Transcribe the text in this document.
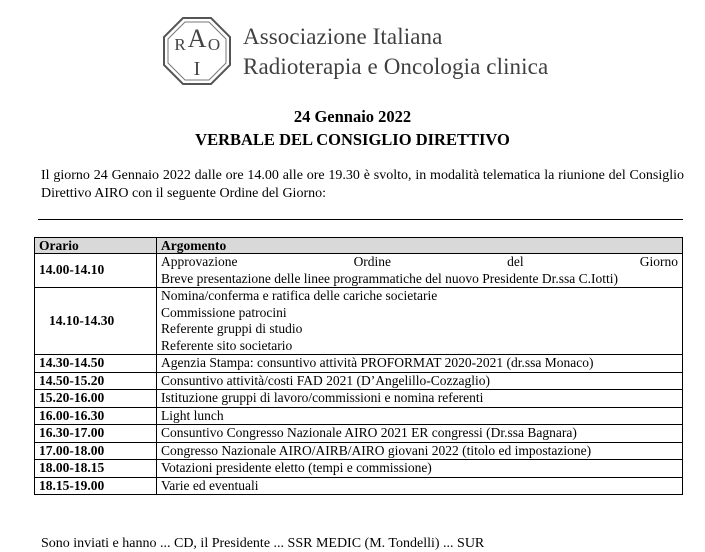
R A O
I
Associazione Italiana
Radioterapia e Oncologia clinica
24 Gennaio 2022
VERBALE DEL CONSIGLIO DIRETTIVO
Il giorno 24 Gennaio 2022 dalle ore 14.00 alle ore 19.30 è svolto, in modalità telematica la riunione del Consiglio Direttivo AIRO con il seguente Ordine del Giorno:
Orario	Argomento
14.00-14.10	Approvazione Ordine del Giorno
Breve presentazione delle linee programmatiche del nuovo Presidente Dr.ssa C.Iotti)

14.10-14.30	Nomina/conferma e ratifica delle cariche societarie
Commissione patrocini
Referente gruppi di studio
Referente sito societario

14.30-14.50	Agenzia Stampa: consuntivo attività PROFORMAT 2020-2021 (dr.ssa Monaco)
14.50-15.20	Consuntivo attività/costi FAD 2021 (D’Angelillo-Cozzaglio)
15.20-16.00	Istituzione gruppi di lavoro/commissioni e nomina referenti
16.00-16.30	Light lunch
16.30-17.00	Consuntivo Congresso Nazionale AIRO 2021 ER congressi (Dr.ssa Bagnara)
17.00-18.00	Congresso Nazionale AIRO/AIRB/AIRO giovani 2022 (titolo ed impostazione)
18.00-18.15	Votazioni presidente eletto (tempi e commissione)
18.15-19.00	Varie ed eventuali
Sono inviati e hanno ... CD, il Presidente ... SSR MEDIC (M. Tondelli) ... SUR
